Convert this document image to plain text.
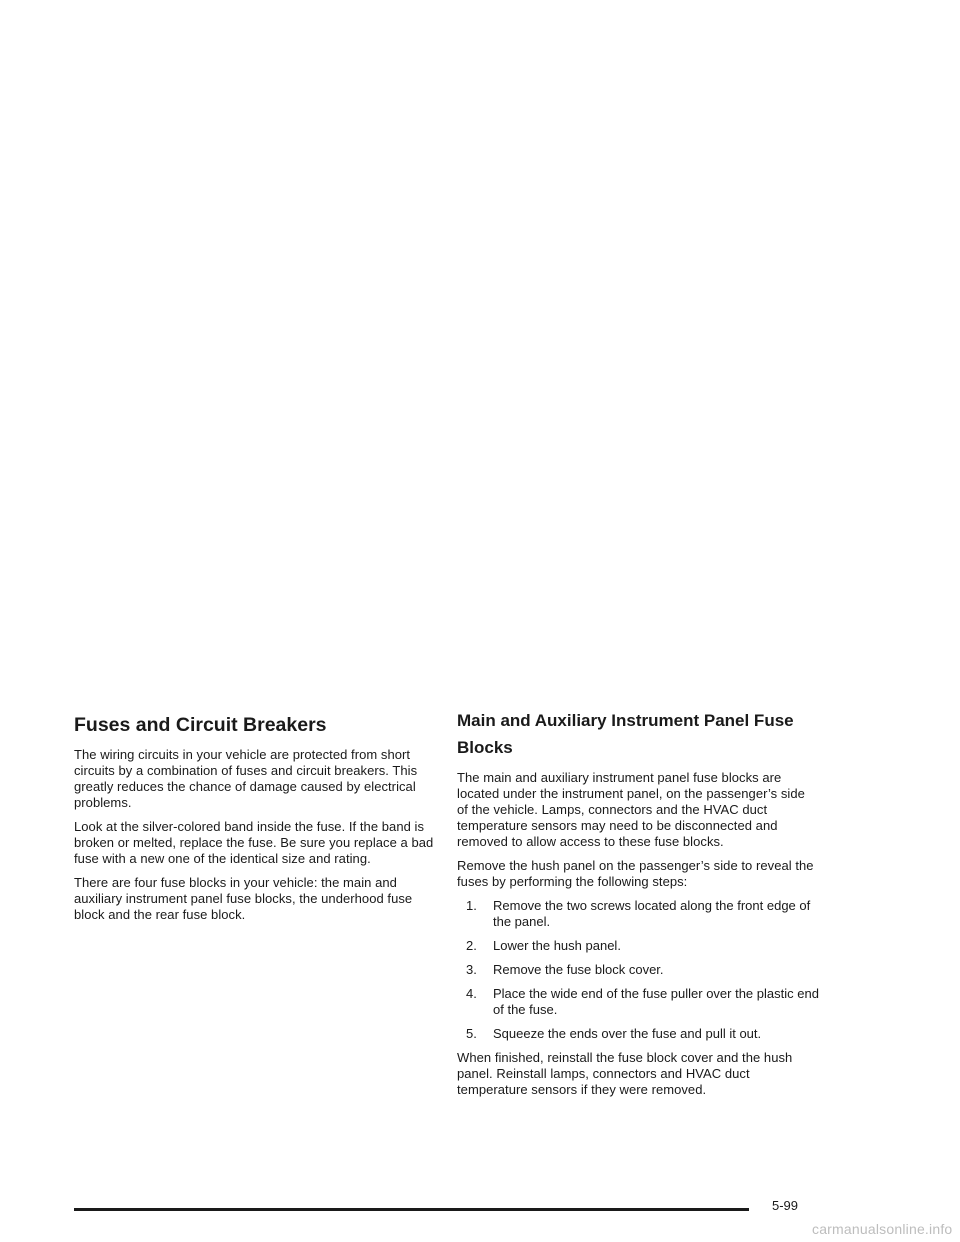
Fuses and Circuit Breakers

The wiring circuits in your vehicle are protected from short circuits by a combination of fuses and circuit breakers. This greatly reduces the chance of damage caused by electrical problems.

Look at the silver-colored band inside the fuse. If the band is broken or melted, replace the fuse. Be sure you replace a bad fuse with a new one of the identical size and rating.

There are four fuse blocks in your vehicle: the main and auxiliary instrument panel fuse blocks, the underhood fuse block and the rear fuse block.

Main and Auxiliary Instrument Panel Fuse Blocks

The main and auxiliary instrument panel fuse blocks are located under the instrument panel, on the passenger’s side of the vehicle. Lamps, connectors and the HVAC duct temperature sensors may need to be disconnected and removed to allow access to these fuse blocks.

Remove the hush panel on the passenger’s side to reveal the fuses by performing the following steps:

1. Remove the two screws located along the front edge of the panel.
2. Lower the hush panel.
3. Remove the fuse block cover.
4. Place the wide end of the fuse puller over the plastic end of the fuse.
5. Squeeze the ends over the fuse and pull it out.

When finished, reinstall the fuse block cover and the hush panel. Reinstall lamps, connectors and HVAC duct temperature sensors if they were removed.

5-99
carmanualsonline.info
